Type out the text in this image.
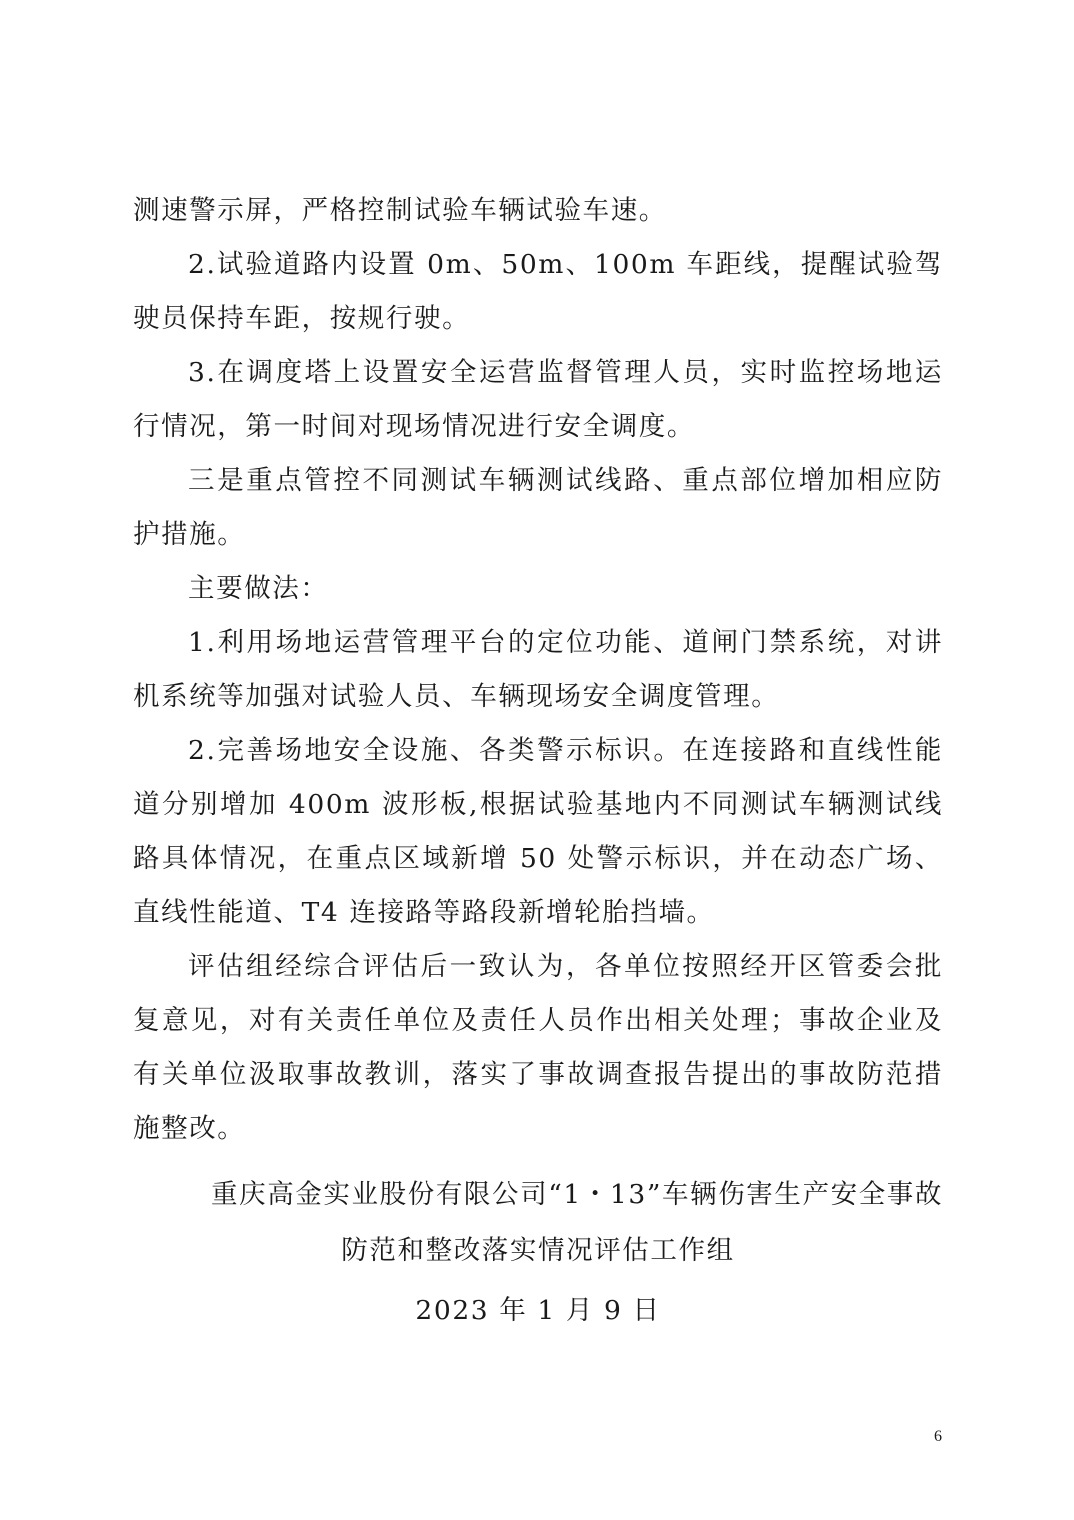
测速警示屏，严格控制试验车辆试验车速。

2.试验道路内设置 0m、50m、100m 车距线，提醒试验驾驶员保持车距，按规行驶。

3.在调度塔上设置安全运营监督管理人员，实时监控场地运行情况，第一时间对现场情况进行安全调度。

三是重点管控不同测试车辆测试线路、重点部位增加相应防护措施。

主要做法：

1.利用场地运营管理平台的定位功能、道闸门禁系统，对讲机系统等加强对试验人员、车辆现场安全调度管理。

2.完善场地安全设施、各类警示标识。在连接路和直线性能道分别增加 400m 波形板,根据试验基地内不同测试车辆测试线路具体情况，在重点区域新增 50 处警示标识，并在动态广场、直线性能道、T4 连接路等路段新增轮胎挡墙。

评估组经综合评估后一致认为，各单位按照经开区管委会批复意见，对有关责任单位及责任人员作出相关处理；事故企业及有关单位汲取事故教训，落实了事故调查报告提出的事故防范措施整改。

重庆高金实业股份有限公司“1・13”车辆伤害生产安全事故
防范和整改落实情况评估工作组
2023 年 1 月 9 日
6
